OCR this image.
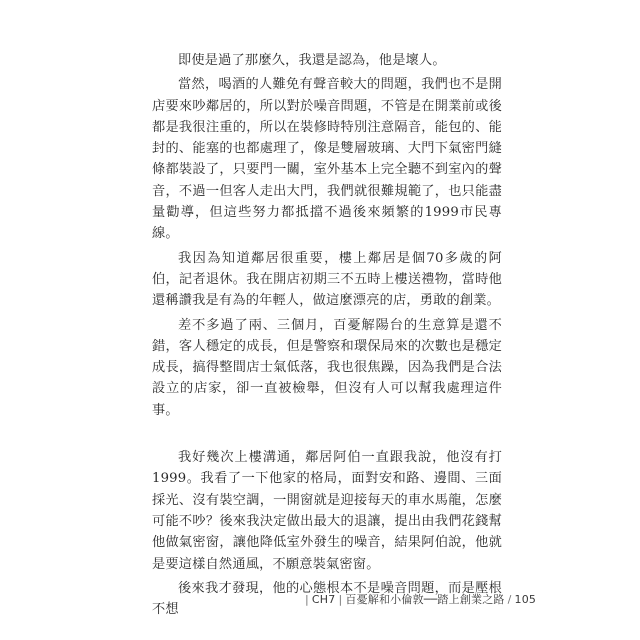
即使是過了那麼久，我還是認為，他是壞人。

當然，喝酒的人難免有聲音較大的問題，我們也不是開店要來吵鄰居的，所以對於噪音問題，不管是在開業前或後都是我很注重的，所以在裝修時特別注意隔音，能包的、能封的、能塞的也都處理了，像是雙層玻璃、大門下氣密門縫條都裝設了，只要門一關，室外基本上完全聽不到室內的聲音，不過一但客人走出大門，我們就很難規範了，也只能盡量勸導，但這些努力都抵擋不過後來頻繁的1999市民專線。

我因為知道鄰居很重要，樓上鄰居是個70多歲的阿伯，記者退休。我在開店初期三不五時上樓送禮物，當時他還稱讚我是有為的年輕人，做這麼漂亮的店，勇敢的創業。

差不多過了兩、三個月，百憂解陽台的生意算是還不錯，客人穩定的成長，但是警察和環保局來的次數也是穩定成長，搞得整間店士氣低落，我也很焦躁，因為我們是合法設立的店家，卻一直被檢舉，但沒有人可以幫我處理這件事。

我好幾次上樓溝通，鄰居阿伯一直跟我說，他沒有打1999。我看了一下他家的格局，面對安和路、邊間、三面採光、沒有裝空調，一開窗就是迎接每天的車水馬龍，怎麼可能不吵？後來我決定做出最大的退讓，提出由我們花錢幫他做氣密窗，讓他降低室外發生的噪音，結果阿伯說，他就是要這樣自然通風，不願意裝氣密窗。

後來我才發現，他的心態根本不是噪音問題，而是壓根不想

| CH7 | 百憂解和小倫敦──踏上創業之路 / 105
